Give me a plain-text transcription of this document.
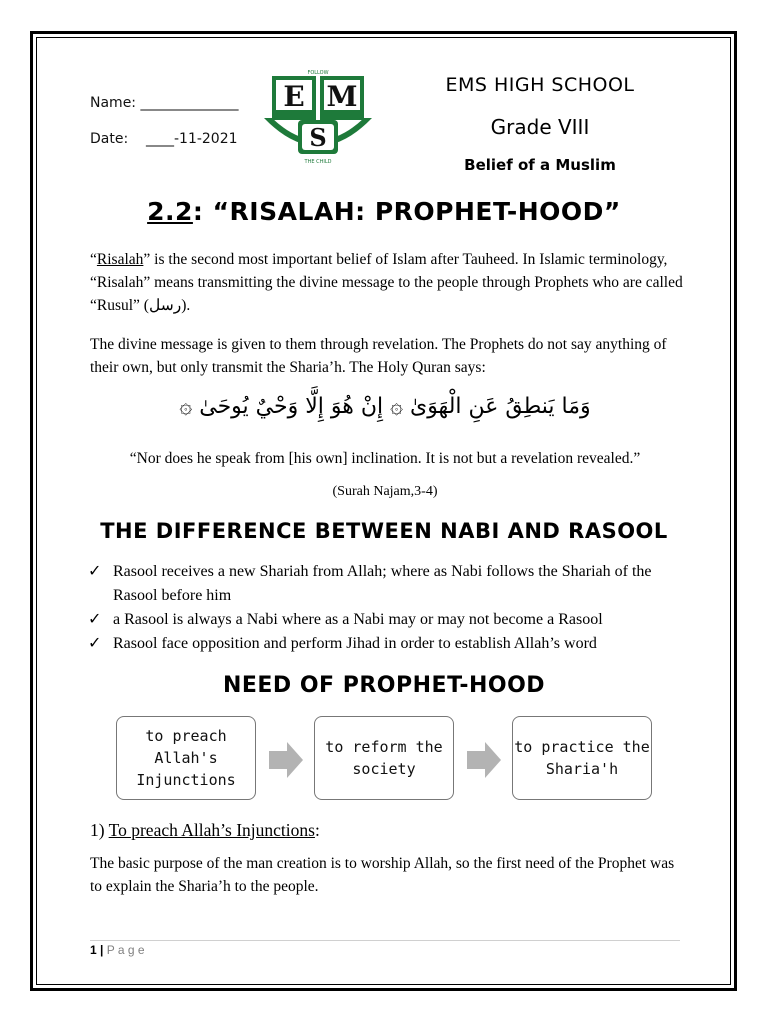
Name: ______________
Date:    ____-11-2021
E M
S
FOLLOW
THE CHILD
EMS HIGH SCHOOL
Grade VIII
Belief of a Muslim
2.2: “RISALAH: PROPHET-HOOD”
“Risalah” is the second most important belief of Islam after Tauheed. In Islamic terminology, “Risalah” means transmitting the divine message to the people through Prophets who are called “Rusul” (رسل).
The divine message is given to them through revelation. The Prophets do not say anything of their own, but only transmit the Sharia’h. The Holy Quran says:
وَمَا يَنطِقُ عَنِ الْهَوَىٰ ۞ إِنْ هُوَ إِلَّا وَحْيٌ يُوحَىٰ ۞
“Nor does he speak from [his own] inclination. It is not but a revelation revealed.”
(Surah Najam,3-4)
THE DIFFERENCE BETWEEN NABI AND RASOOL
✓ Rasool receives a new Shariah from Allah; where as Nabi follows the Shariah of the Rasool before him
✓ a Rasool is always a Nabi where as a Nabi may or may not become a Rasool
✓ Rasool face opposition and perform Jihad in order to establish Allah’s word
NEED OF PROPHET-HOOD
to preach Allah's Injunctions
to reform the society
to practice the Sharia'h
1) To preach Allah’s Injunctions:
The basic purpose of the man creation is to worship Allah, so the first need of the Prophet was to explain the Sharia’h to the people.
1 | P a g e
